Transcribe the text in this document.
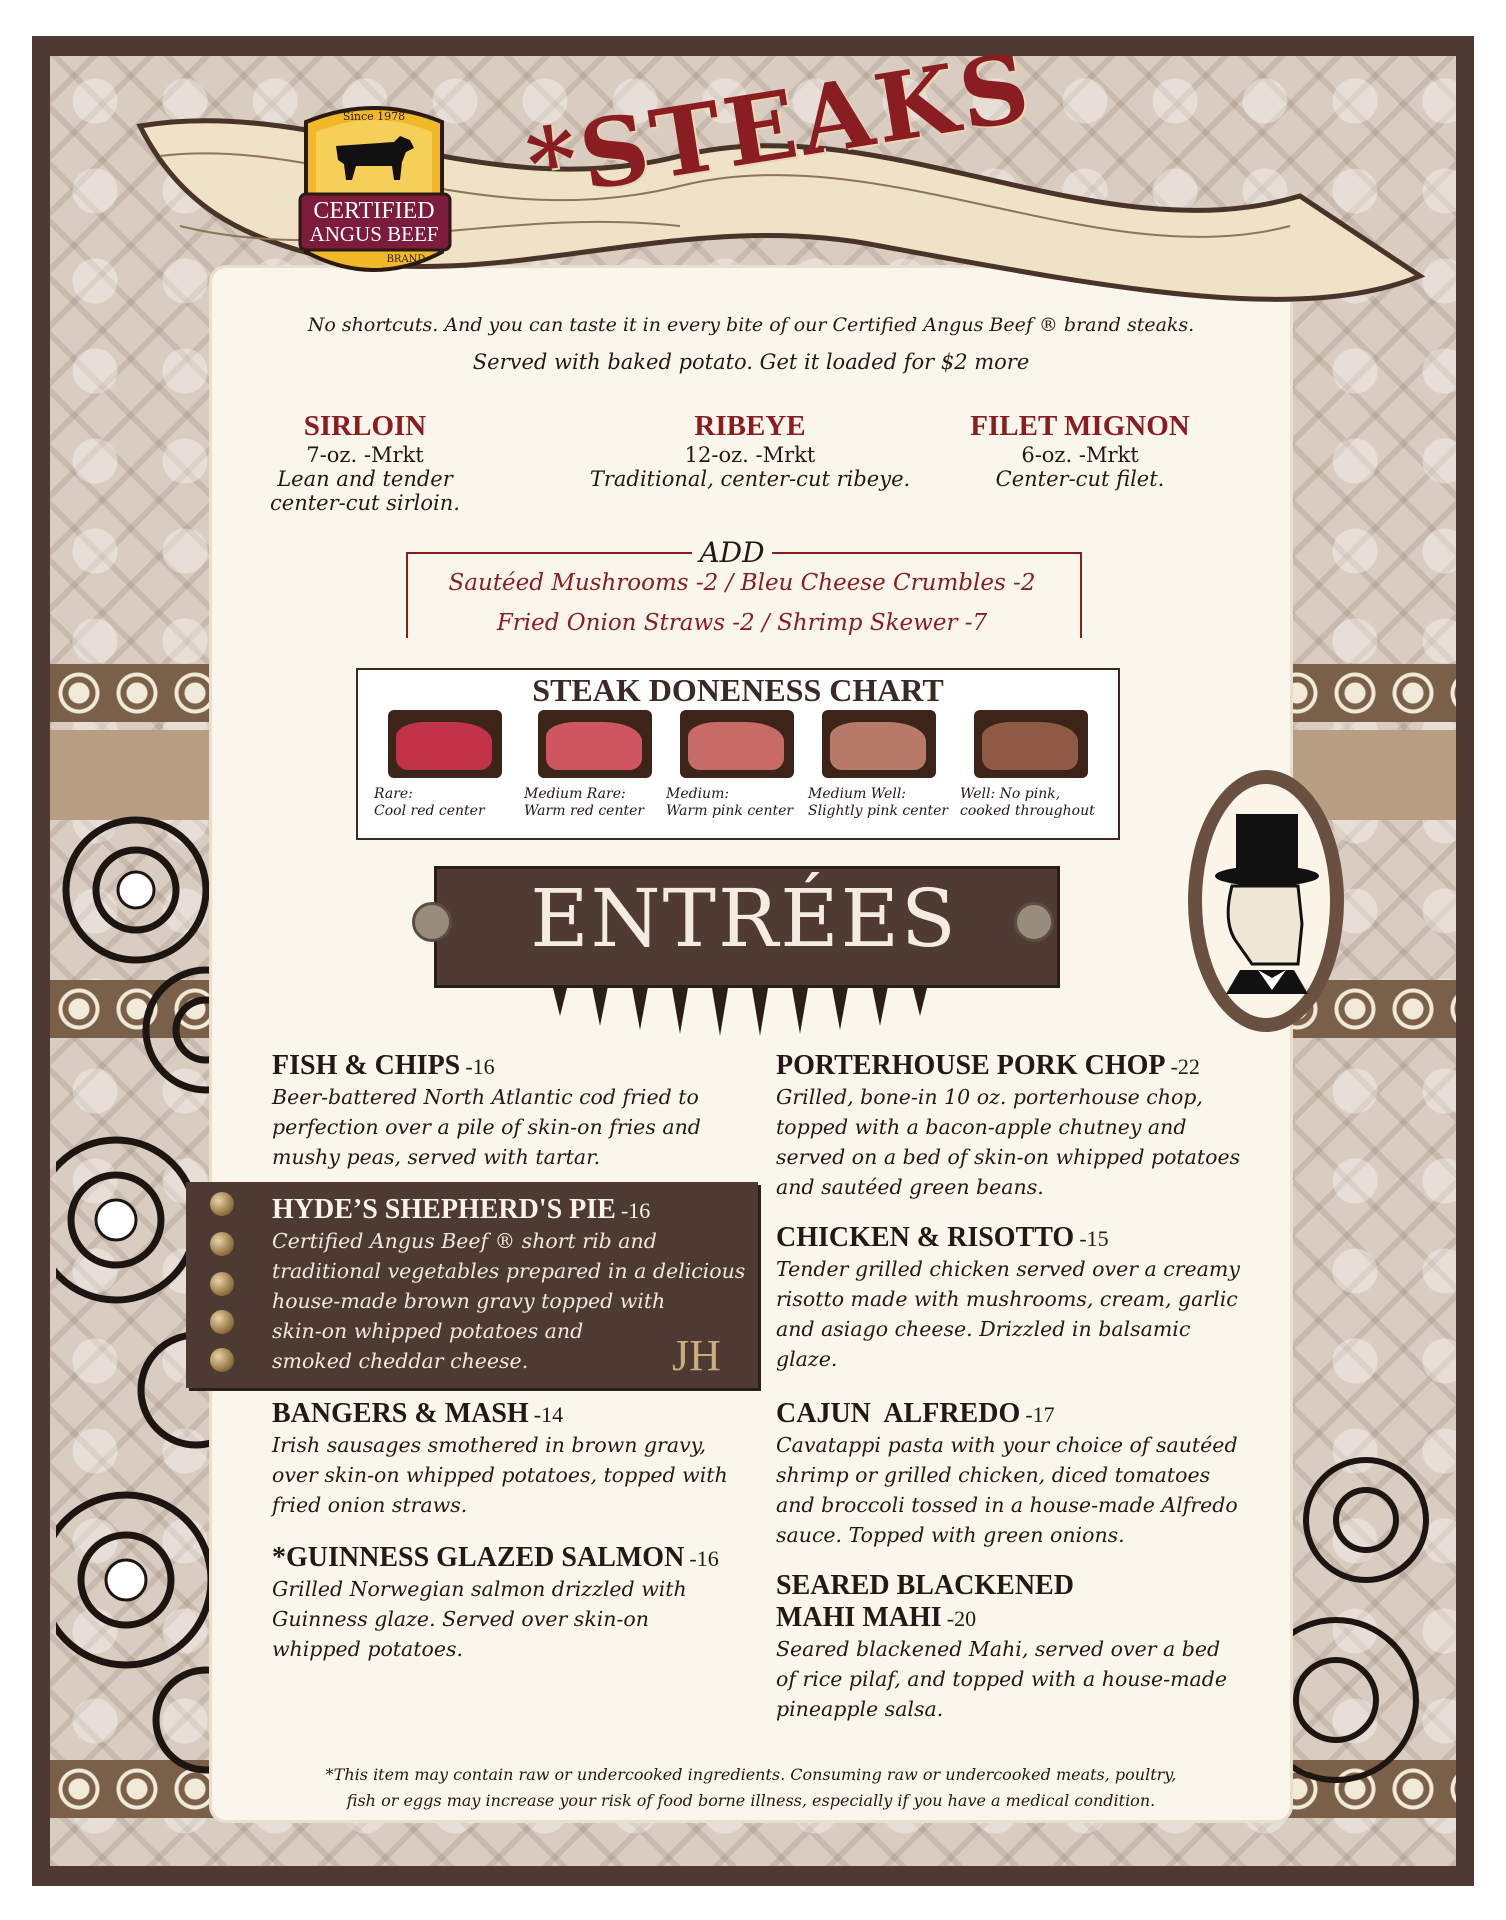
Since 1978
CERTIFIED
ANGUS BEEF
BRAND
*STEAKS
No shortcuts. And you can taste it in every bite of our Certified Angus Beef ® brand steaks.
Served with baked potato. Get it loaded for $2 more
SIRLOIN
7-oz. -Mrkt
Lean and tender
center-cut sirloin.
RIBEYE
12-oz. -Mrkt
Traditional, center-cut ribeye.
FILET MIGNON
6-oz. -Mrkt
Center-cut filet.
ADD
Sautéed Mushrooms -2 / Bleu Cheese Crumbles -2
Fried Onion Straws -2 / Shrimp Skewer -7
STEAK DONENESS CHART
Rare:
Cool red center
Medium Rare:
Warm red center
Medium:
Warm pink center
Medium Well:
Slightly pink center
Well: No pink,
cooked throughout
ENTRÉES
JH
FISH & CHIPS -16
Beer-battered North Atlantic cod fried to
perfection over a pile of skin-on fries and
mushy peas, served with tartar.
HYDE’S SHEPHERD'S PIE -16
Certified Angus Beef ® short rib and
traditional vegetables prepared in a delicious
house-made brown gravy topped with
skin-on whipped potatoes and
smoked cheddar cheese.
BANGERS & MASH -14
Irish sausages smothered in brown gravy,
over skin-on whipped potatoes, topped with
fried onion straws.
*GUINNESS GLAZED SALMON -16
Grilled Norwegian salmon drizzled with
Guinness glaze. Served over skin-on
whipped potatoes.
PORTERHOUSE PORK CHOP -22
Grilled, bone-in 10 oz. porterhouse chop,
topped with a bacon-apple chutney and
served on a bed of skin-on whipped potatoes
and sautéed green beans.
CHICKEN & RISOTTO -15
Tender grilled chicken served over a creamy
risotto made with mushrooms, cream, garlic
and asiago cheese. Drizzled in balsamic
glaze.
CAJUN  ALFREDO -17
Cavatappi pasta with your choice of sautéed
shrimp or grilled chicken, diced tomatoes
and broccoli tossed in a house-made Alfredo
sauce. Topped with green onions.
SEARED BLACKENED
MAHI MAHI -20
Seared blackened Mahi, served over a bed
of rice pilaf, and topped with a house-made
pineapple salsa.
*This item may contain raw or undercooked ingredients. Consuming raw or undercooked meats, poultry,
fish or eggs may increase your risk of food borne illness, especially if you have a medical condition.
